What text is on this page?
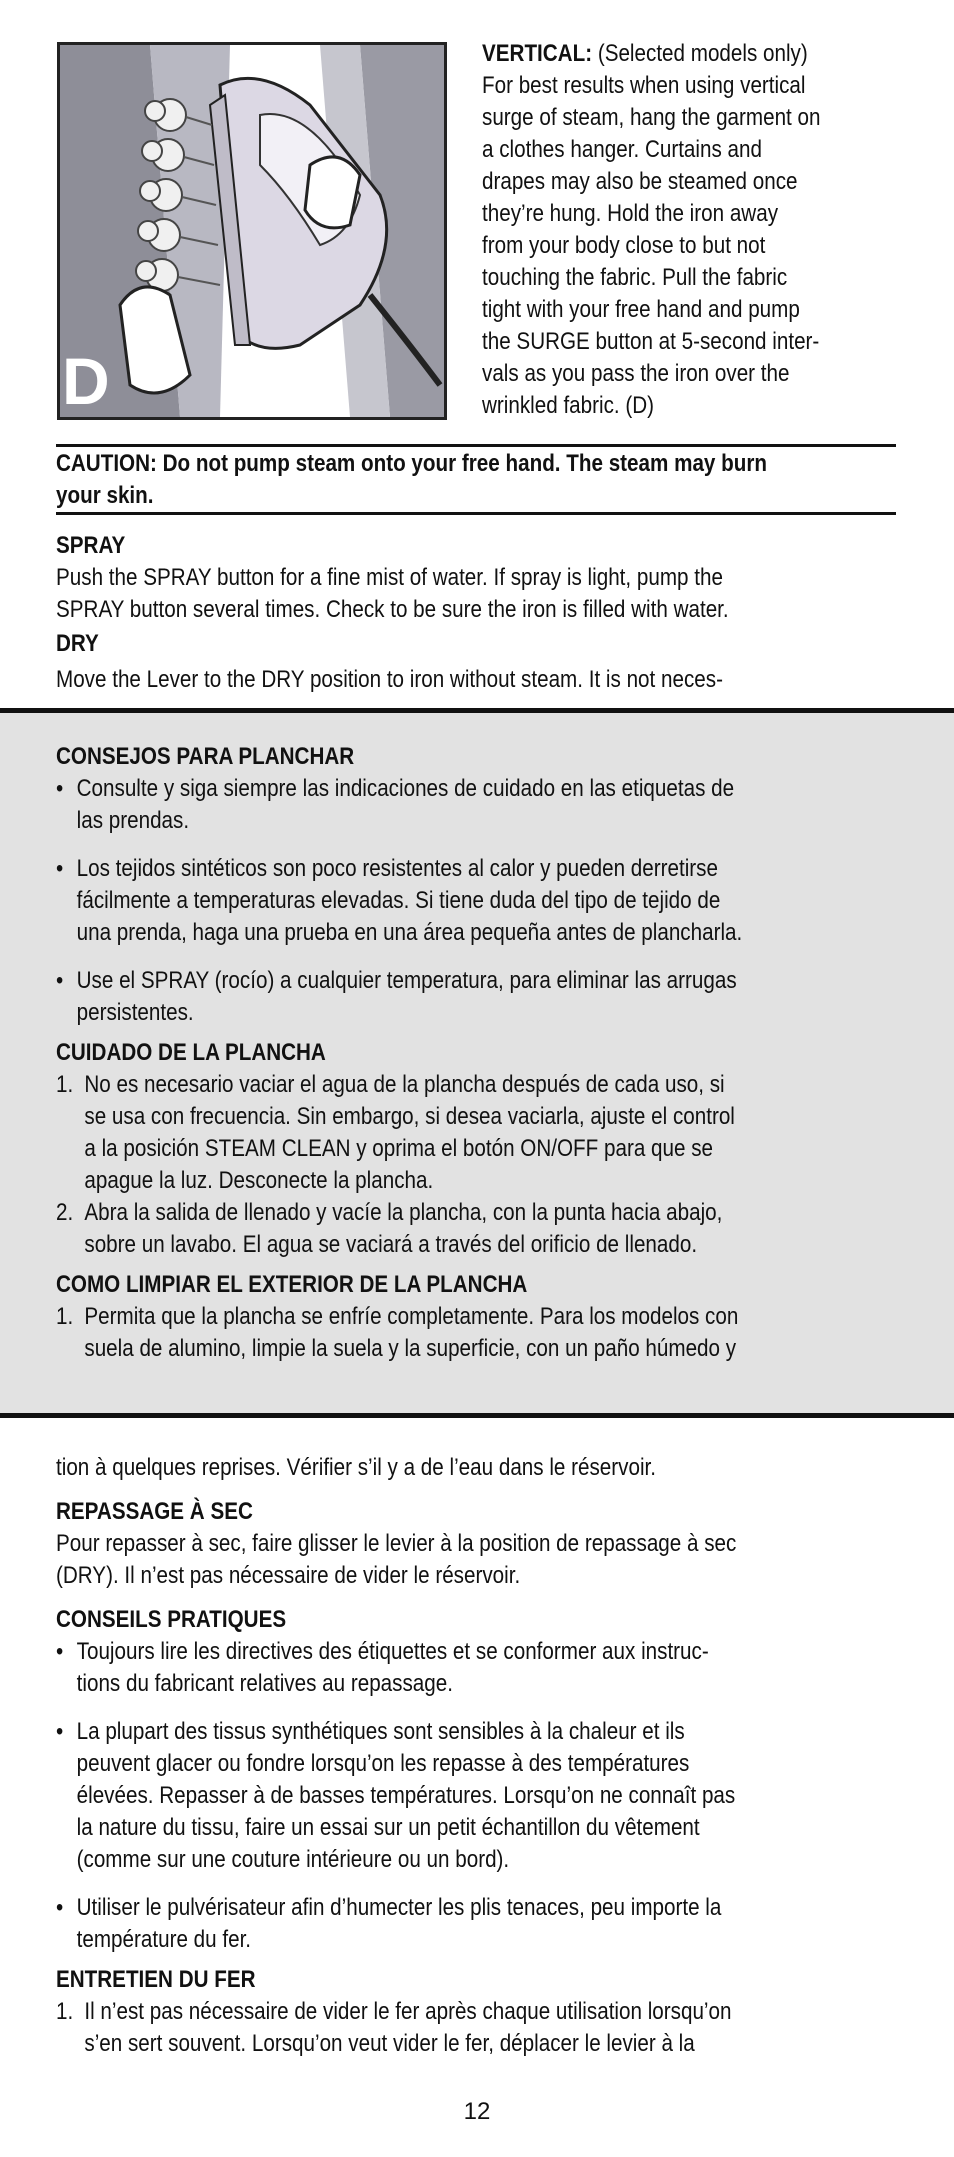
D
VERTICAL: (Selected models only)
For best results when using vertical
surge of steam, hang the garment on
a clothes hanger. Curtains and
drapes may also be steamed once
they’re hung. Hold the iron away
from your body close to but not
touching the fabric. Pull the fabric
tight with your free hand and pump
the SURGE button at 5-second inter-
vals as you pass the iron over the
wrinkled fabric. (D)
CAUTION: Do not pump steam onto your free hand. The steam may burn
your skin.
SPRAY
Push the SPRAY button for a fine mist of water. If spray is light, pump the
SPRAY button several times. Check to be sure the iron is filled with water.
DRY
Move the Lever to the DRY position to iron without steam. It is not neces-
CONSEJOS PARA PLANCHAR
• Consulte y siga siempre las indicaciones de cuidado en las etiquetas de
las prendas.
• Los tejidos sintéticos son poco resistentes al calor y pueden derretirse
fácilmente a temperaturas elevadas. Si tiene duda del tipo de tejido de
una prenda, haga una prueba en una área pequeña antes de plancharla.
• Use el SPRAY (rocío) a cualquier temperatura, para eliminar las arrugas
persistentes.
CUIDADO DE LA PLANCHA
1. No es necesario vaciar el agua de la plancha después de cada uso, si
se usa con frecuencia. Sin embargo, si desea vaciarla, ajuste el control
a la posición STEAM CLEAN y oprima el botón ON/OFF para que se
apague la luz. Desconecte la plancha.
2. Abra la salida de llenado y vacíe la plancha, con la punta hacia abajo,
sobre un lavabo. El agua se vaciará a través del orificio de llenado.
COMO LIMPIAR EL EXTERIOR DE LA PLANCHA
1. Permita que la plancha se enfríe completamente. Para los modelos con
suela de alumino, limpie la suela y la superficie, con un paño húmedo y
tion à quelques reprises. Vérifier s’il y a de l’eau dans le réservoir.
REPASSAGE À SEC
Pour repasser à sec, faire glisser le levier à la position de repassage à sec
(DRY). Il n’est pas nécessaire de vider le réservoir.
CONSEILS PRATIQUES
• Toujours lire les directives des étiquettes et se conformer aux instruc-
tions du fabricant relatives au repassage.
• La plupart des tissus synthétiques sont sensibles à la chaleur et ils
peuvent glacer ou fondre lorsqu’on les repasse à des températures
élevées. Repasser à de basses températures. Lorsqu’on ne connaît pas
la nature du tissu, faire un essai sur un petit échantillon du vêtement
(comme sur une couture intérieure ou un bord).
• Utiliser le pulvérisateur afin d’humecter les plis tenaces, peu importe la
température du fer.
ENTRETIEN DU FER
1. Il n’est pas nécessaire de vider le fer après chaque utilisation lorsqu’on
s’en sert souvent. Lorsqu’on veut vider le fer, déplacer le levier à la
12
